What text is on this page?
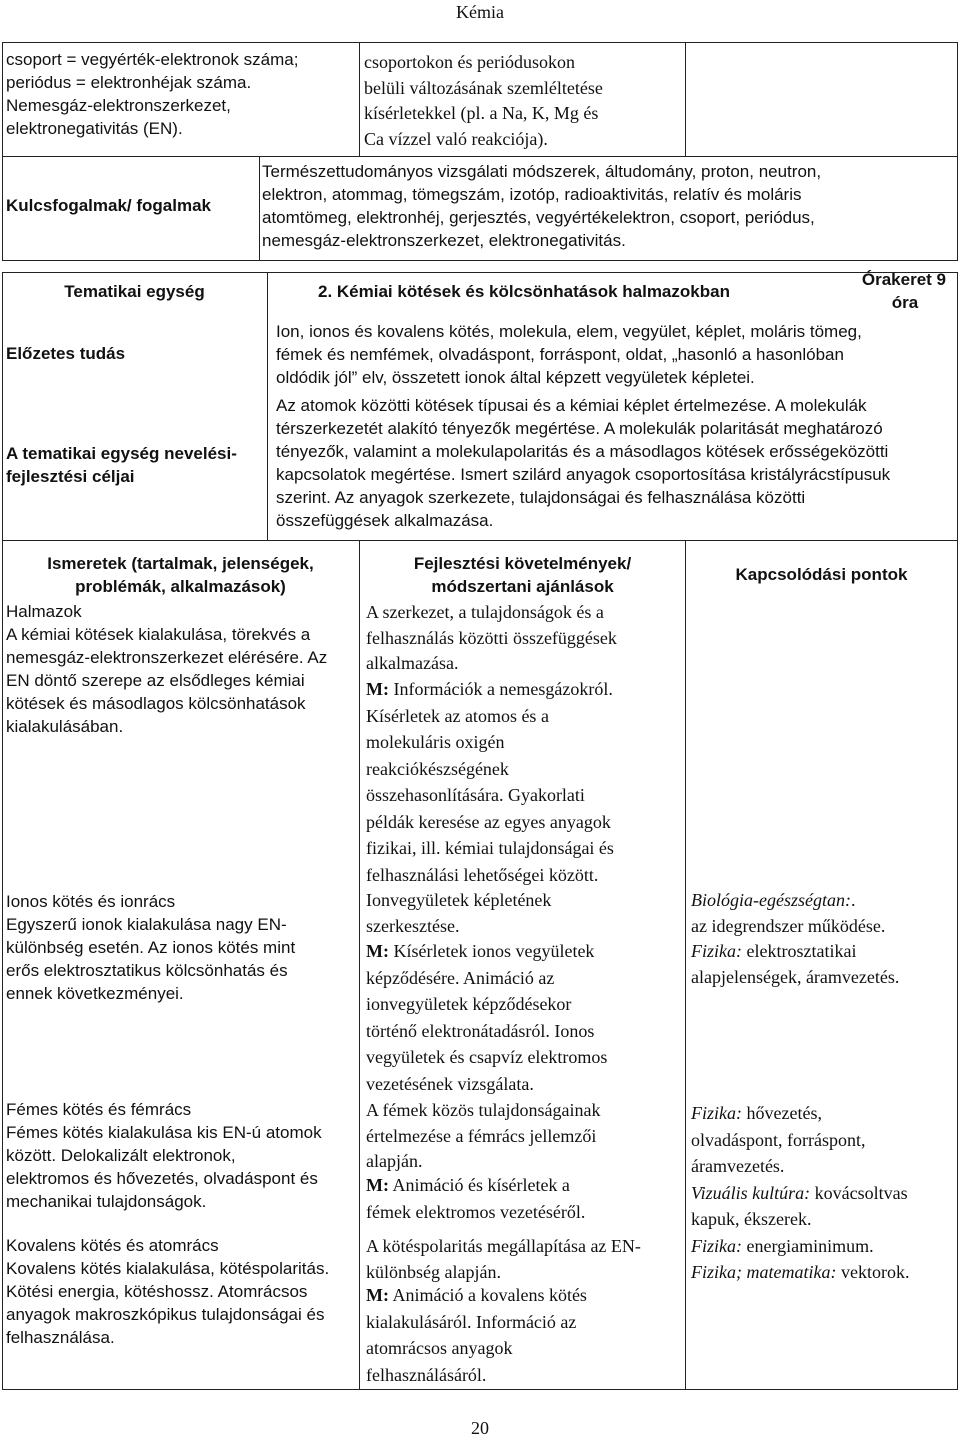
Kémia

csoport = vegyérték-elektronok száma;

periódus = elektronhéjak száma.

Nemesgáz-elektronszerkezet,

elektronegativitás (EN).

csoportokon és periódusokon

belüli változásának szemléltetése

kísérletekkel (pl. a Na, K, Mg és

Ca vízzel való reakciója).

Kulcsfogalmak/ fogalmak

Természettudományos vizsgálati módszerek, áltudomány, proton, neutron,

elektron, atommag, tömegszám, izotóp, radioaktivitás, relatív és moláris

atomtömeg, elektronhéj, gerjesztés, vegyértékelektron, csoport, periódus,

nemesgáz-elektronszerkezet, elektronegativitás.

Tematikai egység	2. Kémiai kötések és kölcsönhatások halmazokban

Órakeret 9

óra

Előzetes tudás

Ion, ionos és kovalens kötés, molekula, elem, vegyület, képlet, moláris tömeg,

fémek és nemfémek, olvadáspont, forráspont, oldat, „hasonló a hasonlóban

oldódik jól” elv, összetett ionok által képzett vegyületek képletei.

A tematikai egység nevelési-

fejlesztési céljai

Az atomok közötti kötések típusai és a kémiai képlet értelmezése. A molekulák

térszerkezetét alakító tényezők megértése. A molekulák polaritását meghatározó

tényezők, valamint a molekulapolaritás és a másodlagos kötések erősségeközötti

kapcsolatok megértése. Ismert szilárd anyagok csoportosítása kristályrácstípusuk

szerint. Az anyagok szerkezete, tulajdonságai és felhasználása közötti

összefüggések alkalmazása.

Ismeretek (tartalmak, jelenségek,

problémák, alkalmazások)

Fejlesztési követelmények/

módszertani ajánlások

Kapcsolódási pontok

Halmazok

A kémiai kötések kialakulása, törekvés a

nemesgáz-elektronszerkezet elérésére. Az

EN döntő szerepe az elsődleges kémiai

kötések és másodlagos kölcsönhatások

kialakulásában.

Ionos kötés és ionrács

Egyszerű ionok kialakulása nagy EN-

különbség esetén. Az ionos kötés mint

erős elektrosztatikus kölcsönhatás és

ennek következményei.

Fémes kötés és fémrács

Fémes kötés kialakulása kis EN-ú atomok

között. Delokalizált elektronok,

elektromos és hővezetés, olvadáspont és

mechanikai tulajdonságok.

Kovalens kötés és atomrács

Kovalens kötés kialakulása, kötéspolaritás.

Kötési energia, kötéshossz. Atomrácsos

anyagok makroszkópikus tulajdonságai és

felhasználása.

A szerkezet, a tulajdonságok és a

felhasználás közötti összefüggések

alkalmazása.

M: Információk a nemesgázokról.

Kísérletek az atomos és a

molekuláris oxigén

reakciókészségének

összehasonlítására. Gyakorlati

példák keresése az egyes anyagok

fizikai, ill. kémiai tulajdonságai és

felhasználási lehetőségei között.

Ionvegyületek képletének

szerkesztése.

M: Kísérletek ionos vegyületek

képződésére. Animáció az

ionvegyületek képződésekor

történő elektronátadásról. Ionos

vegyületek és csapvíz elektromos

vezetésének vizsgálata.

A fémek közös tulajdonságainak

értelmezése a fémrács jellemzői

alapján.

M: Animáció és kísérletek a

fémek elektromos vezetéséről.

A kötéspolaritás megállapítása az EN-

különbség alapján.

M: Animáció a kovalens kötés

kialakulásáról. Információ az

atomrácsos anyagok

felhasználásáról.

Biológia-egészségtan:.

az idegrendszer működése.

Fizika: elektrosztatikai

alapjelenségek, áramvezetés.

Fizika: hővezetés,

olvadáspont, forráspont,

áramvezetés.

Vizuális kultúra: kovácsoltvas

kapuk, ékszerek.

Fizika: energiaminimum.

Fizika; matematika: vektorok.

20
